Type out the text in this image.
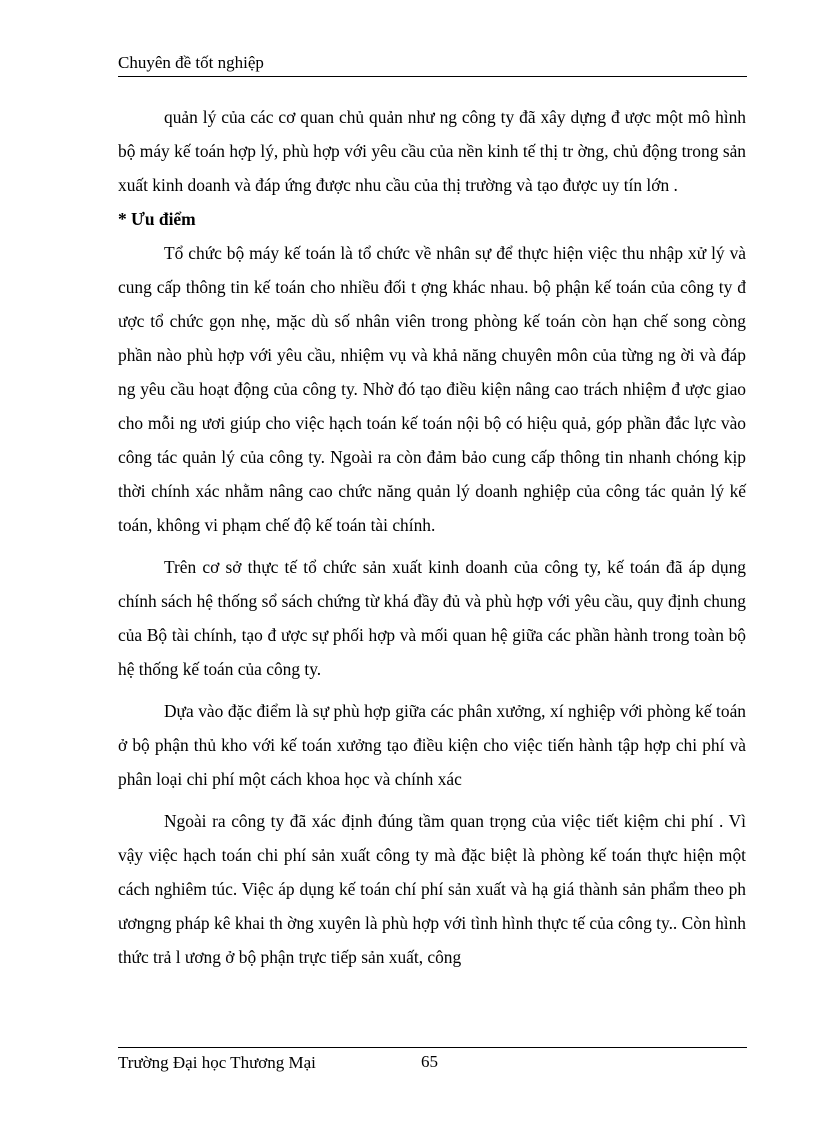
Chuyên đề tốt nghiệp

quản lý của các cơ quan chủ quản như ng công ty đã xây dựng đ ược một mô hình bộ máy kế toán hợp lý, phù hợp với yêu cầu của nền kinh tế thị tr ờng, chủ động trong sản xuất kinh doanh và đáp ứng được nhu cầu của thị trường và tạo được uy tín lớn .

* Ưu điểm

Tổ chức bộ máy kế toán là tổ chức về nhân sự để thực hiện việc thu nhập xử lý và cung cấp thông tin kế toán cho nhiều đối t ợng khác nhau. bộ phận kế toán của công ty đ ược tổ chức gọn nhẹ, mặc dù số nhân viên trong phòng kế toán còn hạn chế song còng phần nào phù hợp với yêu cầu, nhiệm vụ và khả năng chuyên môn của từng ng ời và đáp ng yêu cầu hoạt động của công ty. Nhờ đó tạo điều kiện nâng cao trách nhiệm đ ược giao cho mỗi ng ươi giúp cho việc hạch toán kế toán nội bộ có hiệu quả, góp phần đắc lực vào công tác quản lý của công ty. Ngoài ra còn đảm bảo cung cấp thông tin nhanh chóng kịp thời chính xác nhằm nâng cao chức năng quản lý doanh nghiệp của công tác quản lý kế toán, không vi phạm chế độ kế toán tài chính.

Trên cơ sở thực tế tổ chức sản xuất kinh doanh của công ty, kế toán đã áp dụng chính sách hệ thống sổ sách chứng từ khá đầy đủ và phù hợp với yêu cầu, quy định chung của Bộ tài chính, tạo đ ược sự phối hợp và mối quan hệ giữa các phần hành trong toàn bộ hệ thống kế toán của công ty.

Dựa vào đặc điểm là sự phù hợp giữa các phân xưởng, xí nghiệp với phòng kế toán ở bộ phận thủ kho với kế toán xưởng tạo điều kiện cho việc tiến hành tập hợp chi phí và phân loại chi phí một cách khoa học và chính xác

Ngoài ra công ty đã xác định đúng tầm quan trọng của việc tiết kiệm chi phí . Vì vậy việc hạch toán chi phí sản xuất công ty mà đặc biệt là phòng kế toán thực hiện một cách nghiêm túc. Việc áp dụng kế toán chí phí sản xuất và hạ giá thành sản phẩm theo ph ươngng pháp kê khai th ờng xuyên là phù hợp với tình hình thực tế của công ty.. Còn hình thức trả l ương ở bộ phận trực tiếp sản xuất, công

Trường Đại học Thương Mại	65
